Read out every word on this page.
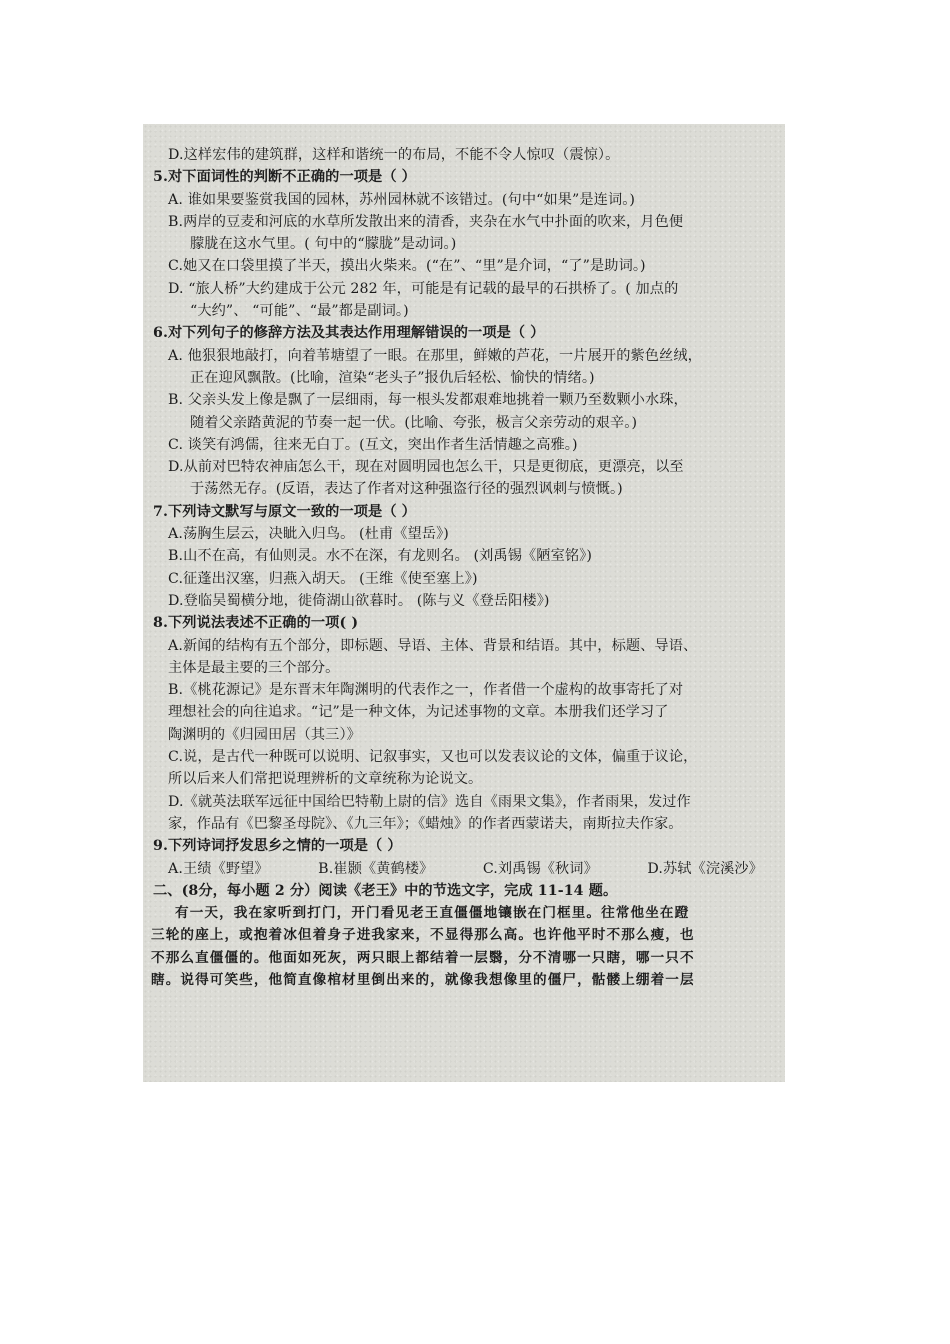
D.这样宏伟的建筑群，这样和谐统一的布局，不能不令人惊叹（震惊）。
5.对下面词性的判断不正确的一项是（ ）
A. 谁如果要鉴赏我国的园林，苏州园林就不该错过。(句中“如果”是连词。)
B.两岸的豆麦和河底的水草所发散出来的清香，夹杂在水气中扑面的吹来，月色便
朦胧在这水气里。( 句中的“朦胧”是动词。)
C.她又在口袋里摸了半天，摸出火柴来。(“在”、“里”是介词，“了”是助词。)
D. “旅人桥”大约建成于公元 282 年，可能是有记载的最早的石拱桥了。( 加点的
“大约”、 “可能”、“最”都是副词。)
6.对下列句子的修辞方法及其表达作用理解错误的一项是（ ）
A. 他狠狠地敲打，向着苇塘望了一眼。在那里，鲜嫩的芦花，一片展开的紫色丝绒，
正在迎风飘散。(比喻，渲染“老头子”报仇后轻松、愉快的情绪。)
B. 父亲头发上像是飘了一层细雨，每一根头发都艰难地挑着一颗乃至数颗小水珠，
随着父亲踏黄泥的节奏一起一伏。(比喻、夸张，极言父亲劳动的艰辛。)
C. 谈笑有鸿儒，往来无白丁。(互文，突出作者生活情趣之高雅。)
D.从前对巴特农神庙怎么干，现在对圆明园也怎么干，只是更彻底，更漂亮，以至
于荡然无存。(反语，表达了作者对这种强盗行径的强烈讽刺与愤慨。)
7.下列诗文默写与原文一致的一项是（ ）
A.荡胸生层云，决眦入归鸟。 (杜甫《望岳》)
B.山不在高，有仙则灵。水不在深，有龙则名。 (刘禹锡《陋室铭》)
C.征蓬出汉塞，归燕入胡天。 (王维《使至塞上》)
D.登临吴蜀横分地，徙倚湖山欲暮时。 (陈与义《登岳阳楼》)
8.下列说法表述不正确的一项( )
A.新闻的结构有五个部分，即标题、导语、主体、背景和结语。其中，标题、导语、
主体是最主要的三个部分。
B.《桃花源记》是东晋末年陶渊明的代表作之一，作者借一个虚构的故事寄托了对
理想社会的向往追求。“记”是一种文体，为记述事物的文章。本册我们还学习了
陶渊明的《归园田居（其三）》
C.说，是古代一种既可以说明、记叙事实，又也可以发表议论的文体，偏重于议论，
所以后来人们常把说理辨析的文章统称为论说文。
D.《就英法联军远征中国给巴特勒上尉的信》选自《雨果文集》，作者雨果，发过作
家，作品有《巴黎圣母院》、《九三年》；《蜡烛》的作者西蒙诺夫，南斯拉夫作家。
9.下列诗词抒发思乡之情的一项是（ ）
A.王绩《野望》	B.崔颢《黄鹤楼》	C.刘禹锡《秋词》	D.苏轼《浣溪沙》
二、(8分，每小题 2 分）阅读《老王》中的节选文字，完成 11-14 题。
有一天，我在家听到打门，开门看见老王直僵僵地镶嵌在门框里。往常他坐在蹬
三轮的座上，或抱着冰但着身子进我家来，不显得那么高。也许他平时不那么瘦，也
不那么直僵僵的。他面如死灰，两只眼上都结着一层翳，分不清哪一只瞎，哪一只不
瞎。说得可笑些，他简直像棺材里倒出来的，就像我想像里的僵尸，骷髅上绷着一层
